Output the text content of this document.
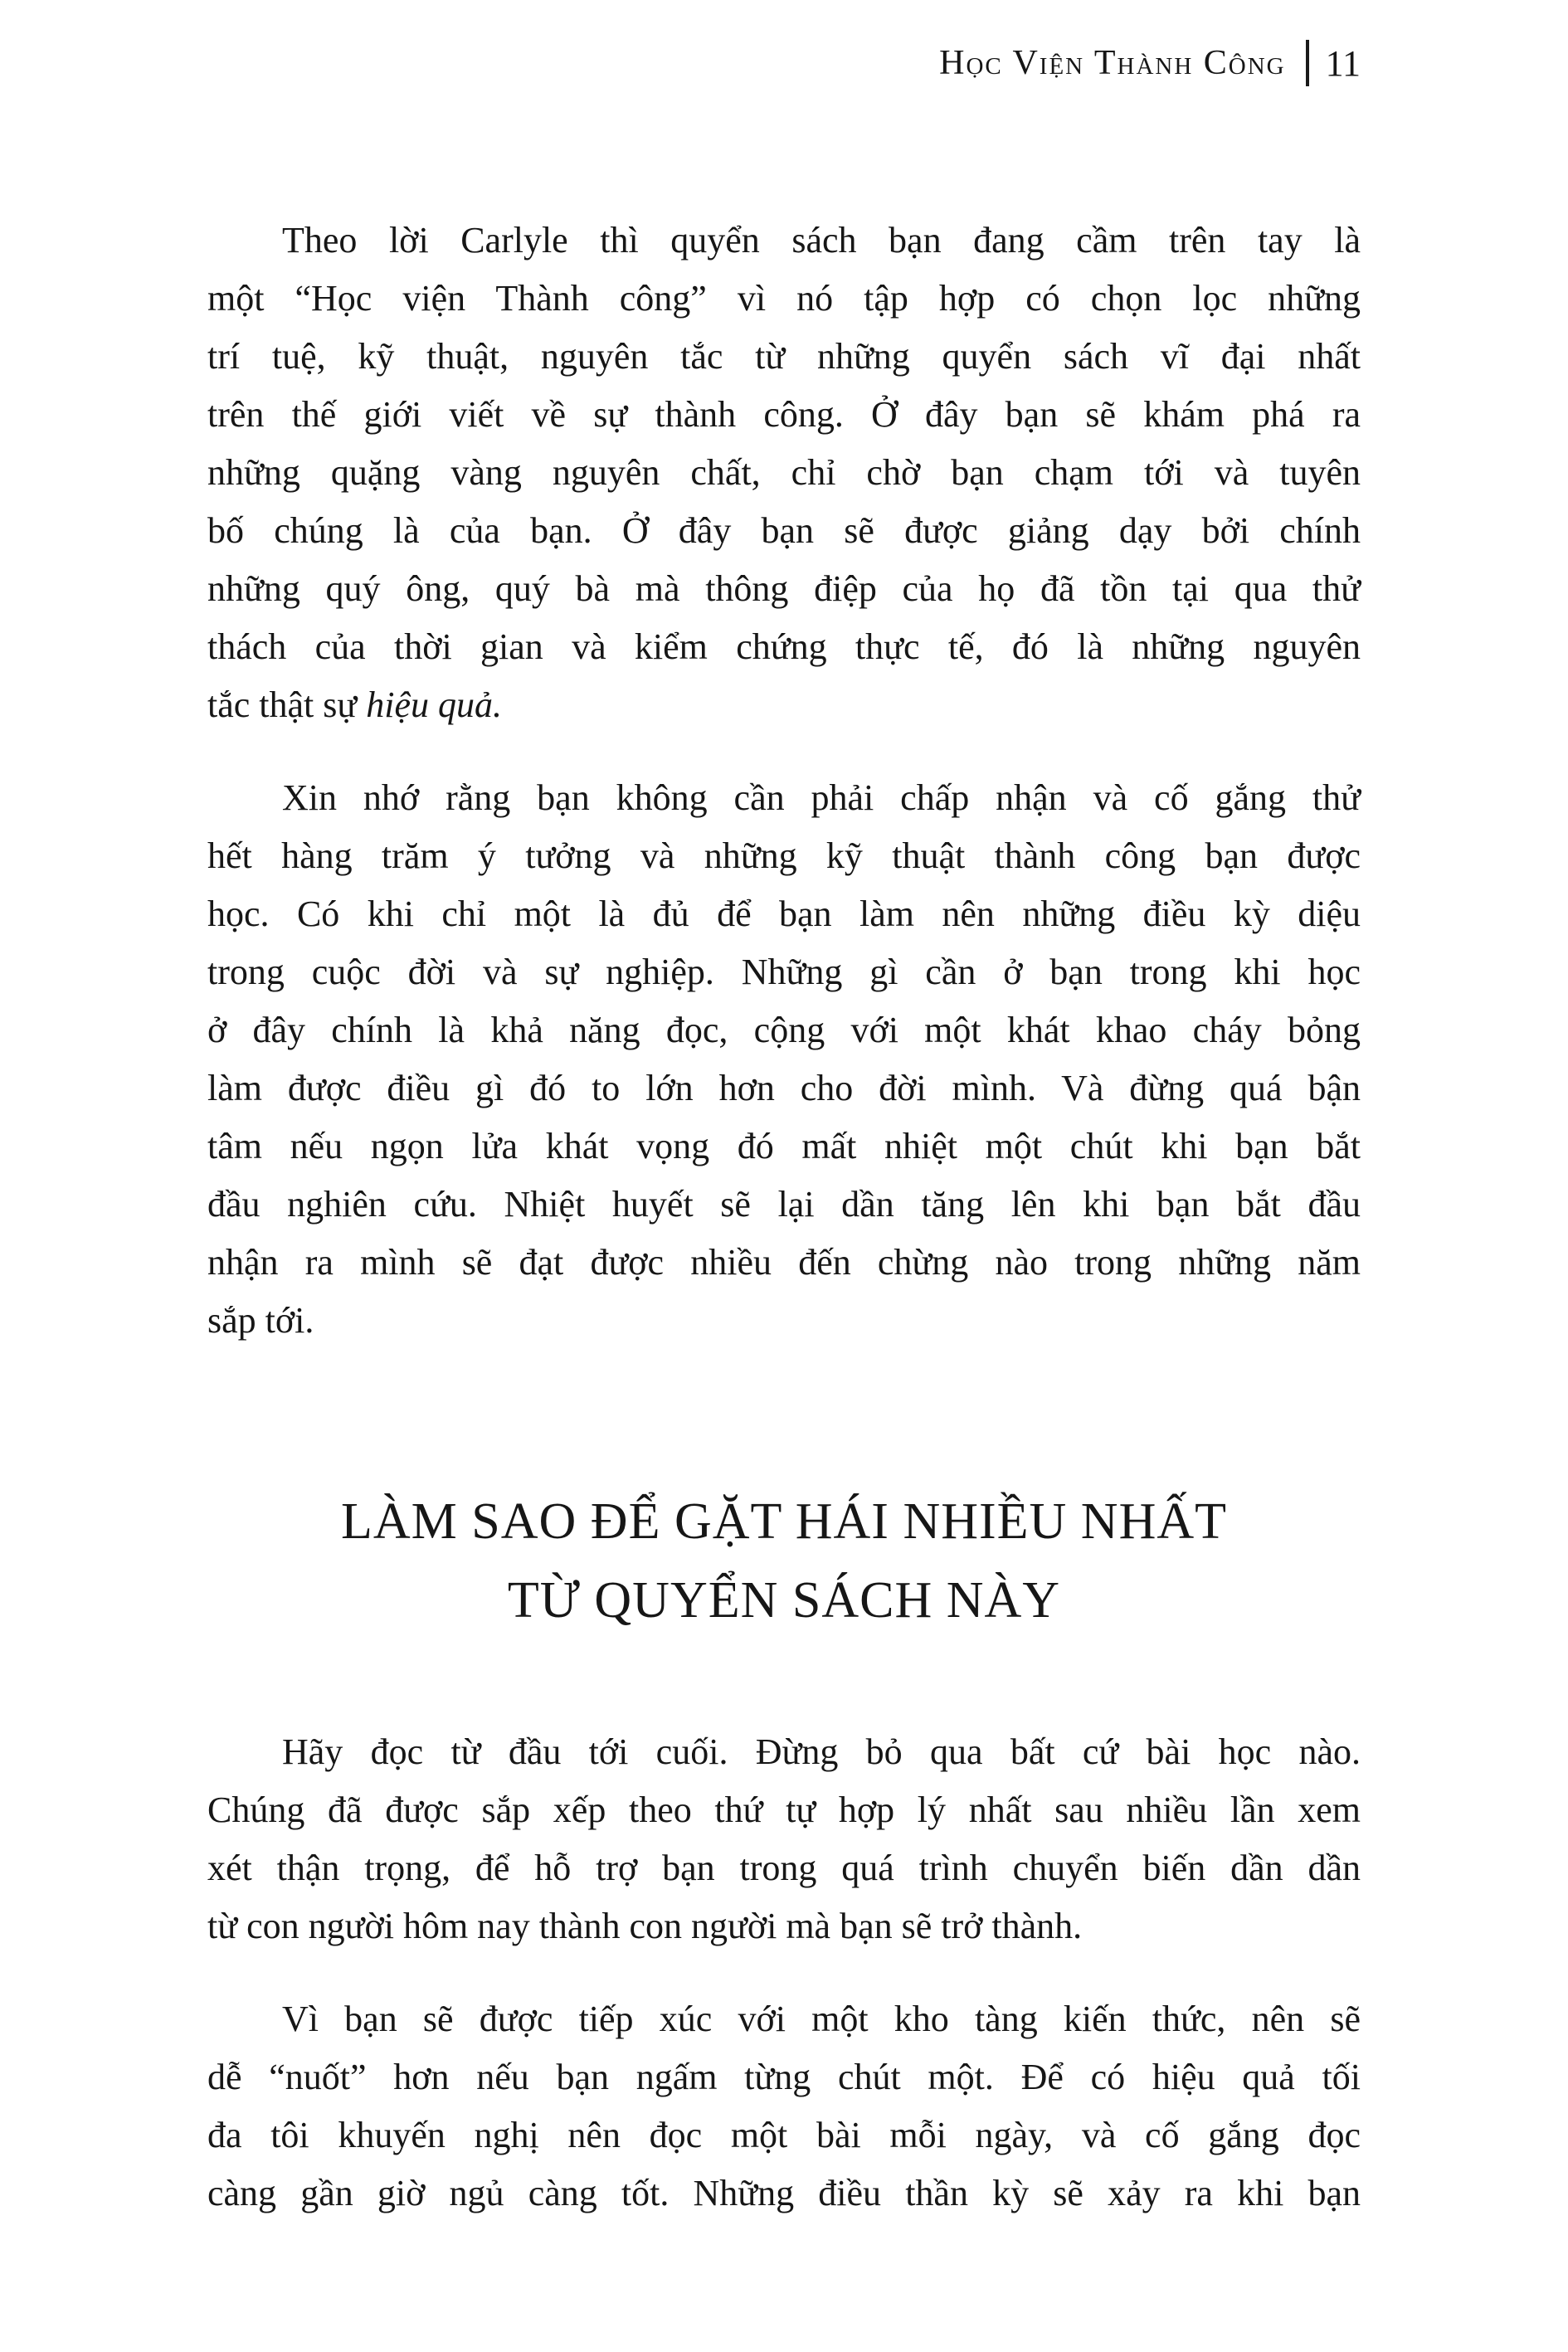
Học Viện Thành Công 11
Theo lời Carlyle thì quyển sách bạn đang cầm trên tay là
một “Học viện Thành công” vì nó tập hợp có chọn lọc những
trí tuệ, kỹ thuật, nguyên tắc từ những quyển sách vĩ đại nhất
trên thế giới viết về sự thành công. Ở đây bạn sẽ khám phá ra
những quặng vàng nguyên chất, chỉ chờ bạn chạm tới và tuyên
bố chúng là của bạn. Ở đây bạn sẽ được giảng dạy bởi chính
những quý ông, quý bà mà thông điệp của họ đã tồn tại qua thử
thách của thời gian và kiểm chứng thực tế, đó là những nguyên
tắc thật sự hiệu quả.
Xin nhớ rằng bạn không cần phải chấp nhận và cố gắng thử
hết hàng trăm ý tưởng và những kỹ thuật thành công bạn được
học. Có khi chỉ một là đủ để bạn làm nên những điều kỳ diệu
trong cuộc đời và sự nghiệp. Những gì cần ở bạn trong khi học
ở đây chính là khả năng đọc, cộng với một khát khao cháy bỏng
làm được điều gì đó to lớn hơn cho đời mình. Và đừng quá bận
tâm nếu ngọn lửa khát vọng đó mất nhiệt một chút khi bạn bắt
đầu nghiên cứu. Nhiệt huyết sẽ lại dần tăng lên khi bạn bắt đầu
nhận ra mình sẽ đạt được nhiều đến chừng nào trong những năm
sắp tới.
LÀM SAO ĐỂ GẶT HÁI NHIỀU NHẤT
TỪ QUYỂN SÁCH NÀY
Hãy đọc từ đầu tới cuối. Đừng bỏ qua bất cứ bài học nào.
Chúng đã được sắp xếp theo thứ tự hợp lý nhất sau nhiều lần xem
xét thận trọng, để hỗ trợ bạn trong quá trình chuyển biến dần dần
từ con người hôm nay thành con người mà bạn sẽ trở thành.
Vì bạn sẽ được tiếp xúc với một kho tàng kiến thức, nên sẽ
dễ “nuốt” hơn nếu bạn ngấm từng chút một. Để có hiệu quả tối
đa tôi khuyến nghị nên đọc một bài mỗi ngày, và cố gắng đọc
càng gần giờ ngủ càng tốt. Những điều thần kỳ sẽ xảy ra khi bạn
